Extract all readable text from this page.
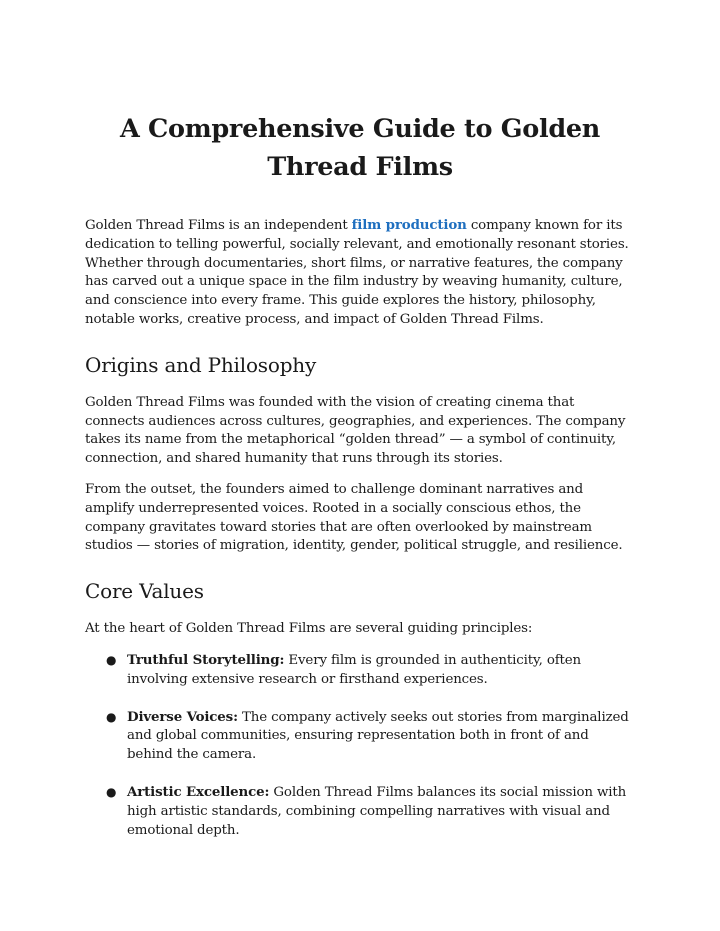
A Comprehensive Guide to Golden Thread Films

Golden Thread Films is an independent film production company known for its dedication to telling powerful, socially relevant, and emotionally resonant stories. Whether through documentaries, short films, or narrative features, the company has carved out a unique space in the film industry by weaving humanity, culture, and conscience into every frame. This guide explores the history, philosophy, notable works, creative process, and impact of Golden Thread Films.

Origins and Philosophy

Golden Thread Films was founded with the vision of creating cinema that connects audiences across cultures, geographies, and experiences. The company takes its name from the metaphorical “golden thread” — a symbol of continuity, connection, and shared humanity that runs through its stories.

From the outset, the founders aimed to challenge dominant narratives and amplify underrepresented voices. Rooted in a socially conscious ethos, the company gravitates toward stories that are often overlooked by mainstream studios — stories of migration, identity, gender, political struggle, and resilience.

Core Values

At the heart of Golden Thread Films are several guiding principles:

● Truthful Storytelling: Every film is grounded in authenticity, often involving extensive research or firsthand experiences.
● Diverse Voices: The company actively seeks out stories from marginalized and global communities, ensuring representation both in front of and behind the camera.
● Artistic Excellence: Golden Thread Films balances its social mission with high artistic standards, combining compelling narratives with visual and emotional depth.
